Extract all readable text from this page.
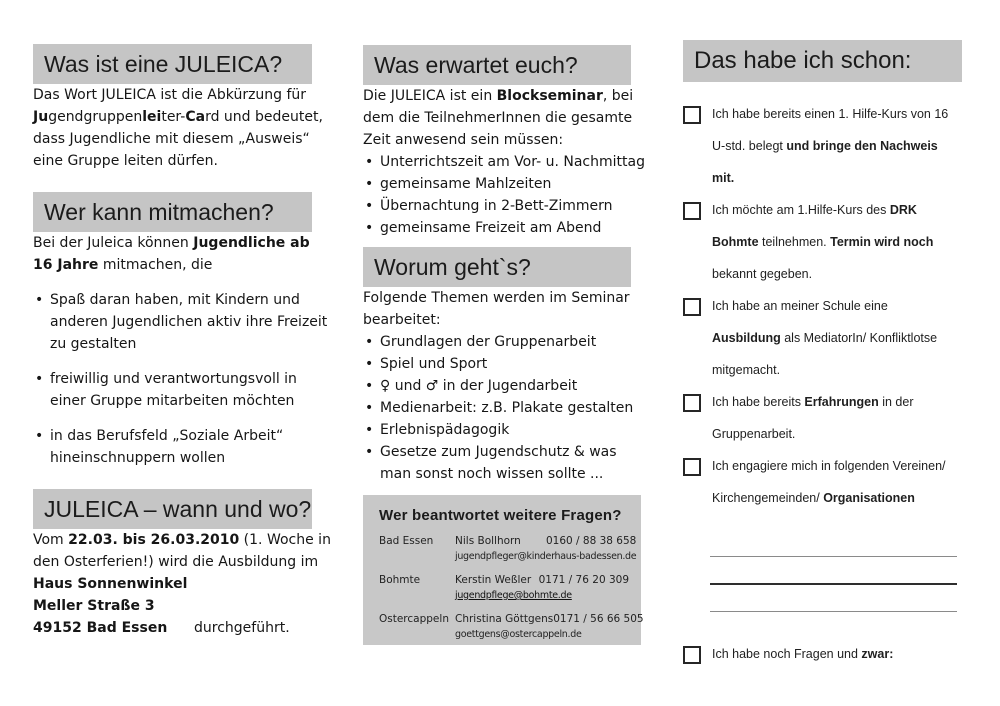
Was ist eine JULEICA?

Das Wort JULEICA ist die Abkürzung für Jugendgruppenleiter-Card und bedeutet, dass Jugendliche mit diesem „Ausweis“ eine Gruppe leiten dürfen.

Wer kann mitmachen?

Bei der Juleica können Jugendliche ab 16 Jahre mitmachen, die

• Spaß daran haben, mit Kindern und anderen Jugendlichen aktiv ihre Freizeit zu gestalten
• freiwillig und verantwortungsvoll in einer Gruppe mitarbeiten möchten
• in das Berufsfeld „Soziale Arbeit“ hineinschnuppern wollen
JULEICA – wann und wo?

Vom 22.03. bis 26.03.2010 (1. Woche in den Osterferien!) wird die Ausbildung im
Haus Sonnenwinkel
Meller Straße 3
49152 Bad Essen      durchgeführt.

Was erwartet euch?

Die JULEICA ist ein Blockseminar, bei dem die TeilnehmerInnen die gesamte Zeit anwesend sein müssen:

• Unterrichtszeit am Vor- u. Nachmittag
• gemeinsame Mahlzeiten
• Übernachtung in 2-Bett-Zimmern
• gemeinsame Freizeit am Abend
Worum geht`s?

Folgende Themen werden im Seminar bearbeitet:

• Grundlagen der Gruppenarbeit
• Spiel und Sport
• ♀ und ♂ in der Jugendarbeit
• Medienarbeit: z.B. Plakate gestalten
• Erlebnispädagogik
• Gesetze zum Jugendschutz & was man sonst noch wissen sollte ...
Wer beantwortet weitere Fragen?
Bad Essen	Nils Bollhorn 0160 / 88 38 658
jugendpfleger@kinderhaus-badessen.de
Bohmte	Kerstin Weßler 0171 / 76 20 309
jugendpflege@bohmte.de
Ostercappeln Christina Göttgens 0171 / 56 66 505
goettgens@ostercappeln.de
Das habe ich schon:
Ich habe bereits einen 1. Hilfe-Kurs von 16 U-std. belegt und bringe den Nachweis mit.
Ich möchte am 1.Hilfe-Kurs des DRK Bohmte teilnehmen. Termin wird noch bekannt gegeben.
Ich habe an meiner Schule eine Ausbildung als MediatorIn/ Konfliktlotse mitgemacht.
Ich habe bereits Erfahrungen in der Gruppenarbeit.
Ich engagiere mich in folgenden Vereinen/ Kirchengemeinden/ Organisationen
Ich habe noch Fragen und zwar:
